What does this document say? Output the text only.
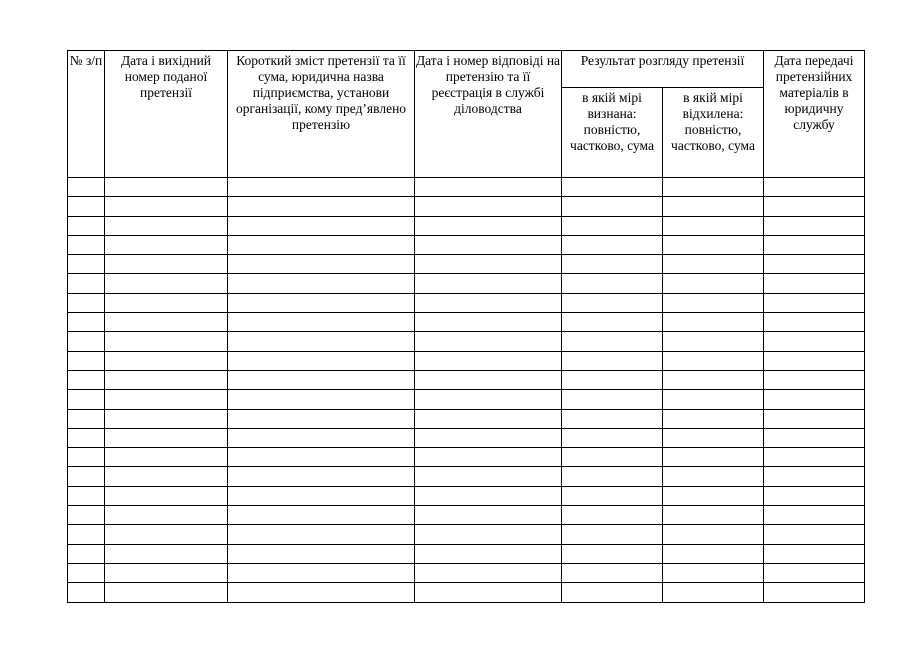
№ з/п	Дата і вихідний номер поданої претензії	Короткий зміст претензії та її сума, юридична назва підприємства, установи організації, кому пред’явлено претензію	Дата і номер відповіді на претензію та її реєстрація в службі діловодства	Результат розгляду претензії		Дата передачі претензійних матеріалів в юридичну службу
				в якій мірі визнана: повністю, частково, сума	в якій мірі відхилена: повністю, частково, сума	
